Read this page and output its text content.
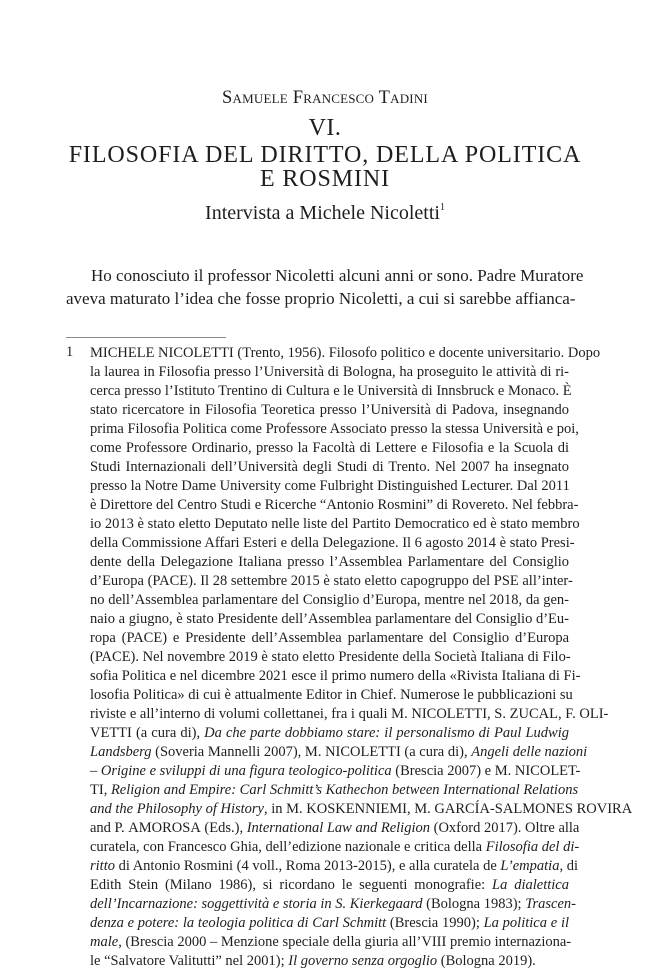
Samuele Francesco Tadini
VI.
FILOSOFIA DEL DIRITTO, DELLA POLITICA
E ROSMINI
Intervista a Michele Nicoletti$^1$
Ho conosciuto il professor Nicoletti alcuni anni or sono. Padre Muratore
aveva maturato l’idea che fosse proprio Nicoletti, a cui si sarebbe affianca-
1 MICHELE NICOLETTI (Trento, 1956). Filosofo politico e docente universitario. Dopo
la laurea in Filosofia presso l’Università di Bologna, ha proseguito le attività di ri-
cerca presso l’Istituto Trentino di Cultura e le Università di Innsbruck e Monaco. È
stato ricercatore in Filosofia Teoretica presso l’Università di Padova, insegnando
prima Filosofia Politica come Professore Associato presso la stessa Università e poi,
come Professore Ordinario, presso la Facoltà di Lettere e Filosofia e la Scuola di
Studi Internazionali dell’Università degli Studi di Trento. Nel 2007 ha insegnato
presso la Notre Dame University come Fulbright Distinguished Lecturer. Dal 2011
è Direttore del Centro Studi e Ricerche “Antonio Rosmini” di Rovereto. Nel febbra-
io 2013 è stato eletto Deputato nelle liste del Partito Democratico ed è stato membro
della Commissione Affari Esteri e della Delegazione. Il 6 agosto 2014 è stato Presi-
dente della Delegazione Italiana presso l’Assemblea Parlamentare del Consiglio
d’Europa (PACE). Il 28 settembre 2015 è stato eletto capogruppo del PSE all’inter-
no dell’Assemblea parlamentare del Consiglio d’Europa, mentre nel 2018, da gen-
naio a giugno, è stato Presidente dell’Assemblea parlamentare del Consiglio d’Eu-
ropa (PACE) e Presidente dell’Assemblea parlamentare del Consiglio d’Europa
(PACE). Nel novembre 2019 è stato eletto Presidente della Società Italiana di Filo-
sofia Politica e nel dicembre 2021 esce il primo numero della «Rivista Italiana di Fi-
losofia Politica» di cui è attualmente Editor in Chief. Numerose le pubblicazioni su
riviste e all’interno di volumi collettanei, fra i quali M. NICOLETTI, S. ZUCAL, F. OLI-
VETTI (a cura di), Da che parte dobbiamo stare: il personalismo di Paul Ludwig
Landsberg (Soveria Mannelli 2007), M. NICOLETTI (a cura di), Angeli delle nazioni
– Origine e sviluppi di una figura teologico-politica (Brescia 2007) e M. NICOLET-
TI, Religion and Empire: Carl Schmitt’s Kathechon between International Relations
and the Philosophy of History, in M. KOSKENNIEMI, M. GARCÍA-SALMONES ROVIRA
and P. AMOROSA (Eds.), International Law and Religion (Oxford 2017). Oltre alla
curatela, con Francesco Ghia, dell’edizione nazionale e critica della Filosofia del di-
ritto di Antonio Rosmini (4 voll., Roma 2013-2015), e alla curatela de L’empatia, di
Edith Stein (Milano 1986), si ricordano le seguenti monografie: La dialettica
dell’Incarnazione: soggettività e storia in S. Kierkegaard (Bologna 1983); Trascen-
denza e potere: la teologia politica di Carl Schmitt (Brescia 1990); La politica e il
male, (Brescia 2000 – Menzione speciale della giuria all’VIII premio internaziona-
le “Salvatore Valitutti” nel 2001); Il governo senza orgoglio (Bologna 2019).
